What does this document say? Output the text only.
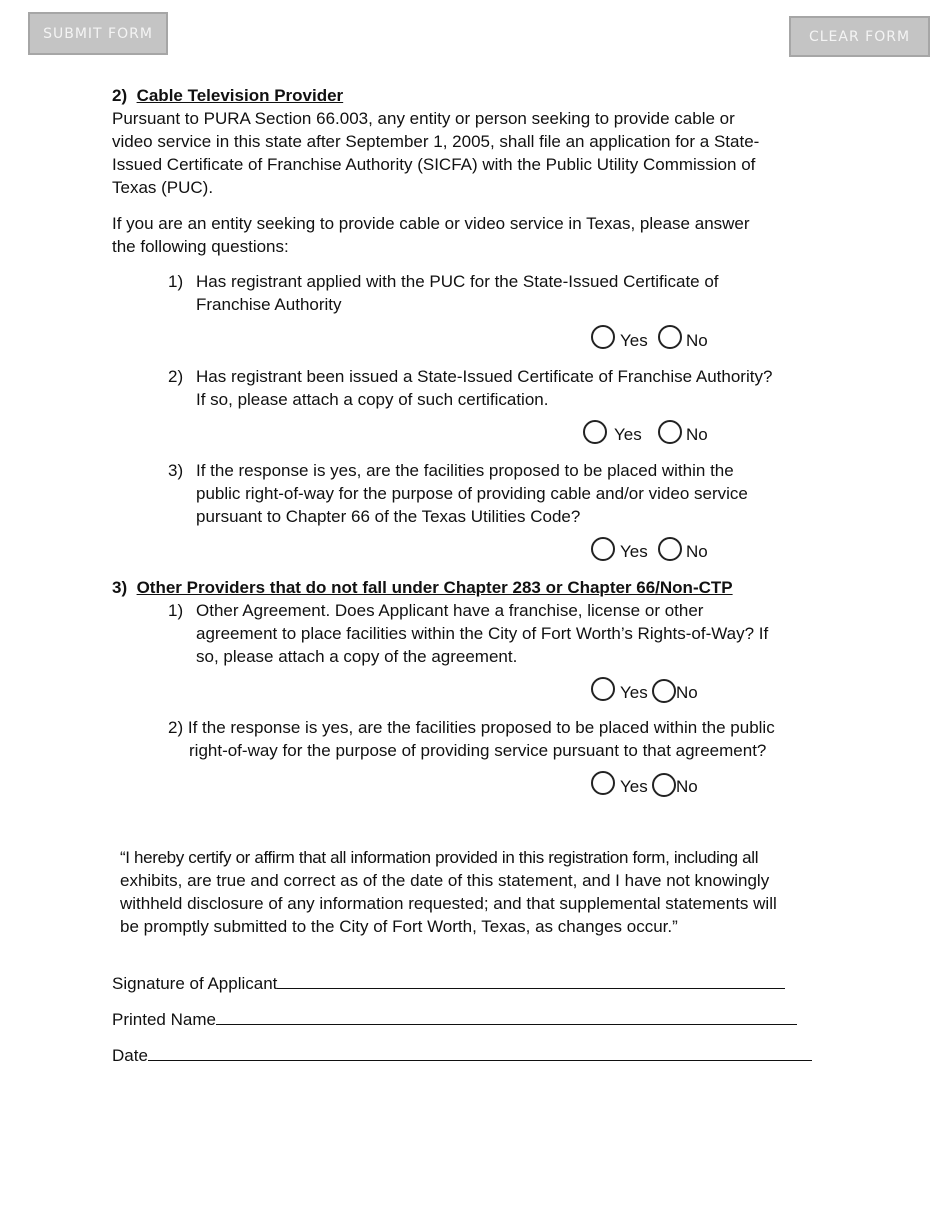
SUBMIT FORM	CLEAR FORM
2) Cable Television Provider
Pursuant to PURA Section 66.003, any entity or person seeking to provide cable or
video service in this state after September 1, 2005, shall file an application for a State-
Issued Certificate of Franchise Authority (SICFA) with the Public Utility Commission of
Texas (PUC).
If you are an entity seeking to provide cable or video service in Texas, please answer
the following questions:
1) Has registrant applied with the PUC for the State-Issued Certificate of
Franchise Authority
Yes No
2) Has registrant been issued a State-Issued Certificate of Franchise Authority?
If so, please attach a copy of such certification.
Yes	No
3) If the response is yes, are the facilities proposed to be placed within the
public right-of-way for the purpose of providing cable and/or video service
pursuant to Chapter 66 of the Texas Utilities Code?
Yes No
3) Other Providers that do not fall under Chapter 283 or Chapter 66/Non-CTP
1) Other Agreement. Does Applicant have a franchise, license or other
agreement to place facilities within the City of Fort Worth’s Rights-of-Way? If
so, please attach a copy of the agreement.
Yes No
2) If the response is yes, are the facilities proposed to be placed within the public
right-of-way for the purpose of providing service pursuant to that agreement?
Yes No
“I hereby certify or affirm that all information provided in this registration form, including all
exhibits, are true and correct as of the date of this statement, and I have not knowingly
withheld disclosure of any information requested; and that supplemental statements will
be promptly submitted to the City of Fort Worth, Texas, as changes occur.”
Signature of Applicant
Printed Name
Date
